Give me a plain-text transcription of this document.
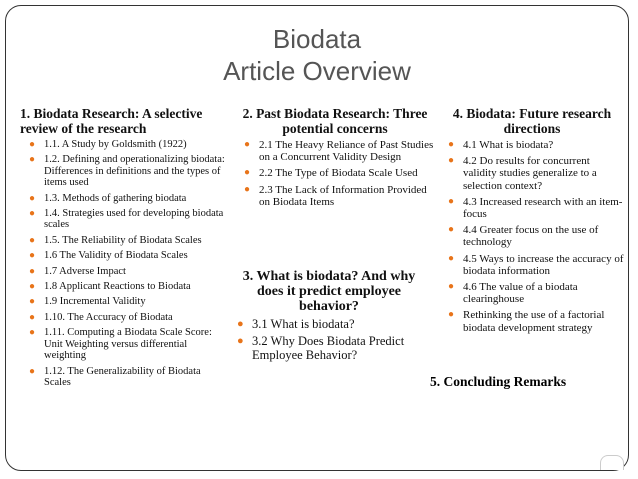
Biodata
Article Overview

1. Biodata Research: A selective review of the research

● 1.1. A Study by Goldsmith (1922)
● 1.2. Defining and operationalizing biodata: Differences in definitions and the types of items used
● 1.3. Methods of gathering biodata
● 1.4. Strategies used for developing biodata scales
● 1.5. The Reliability of Biodata Scales
● 1.6 The Validity of Biodata Scales
● 1.7 Adverse Impact
● 1.8 Applicant Reactions to Biodata
● 1.9 Incremental Validity
● 1.10. The Accuracy of Biodata
● 1.11. Computing a Biodata Scale Score: Unit Weighting versus differential weighting
● 1.12. The Generalizability of Biodata Scales

2. Past Biodata Research: Three potential concerns

● 2.1 The Heavy Reliance of Past Studies on a Concurrent Validity Design
● 2.2 The Type of Biodata Scale Used
● 2.3 The Lack of Information Provided on Biodata Items

3. What is biodata? And why does it predict employee behavior?

● 3.1 What is biodata?
● 3.2 Why Does Biodata Predict Employee Behavior?

4. Biodata: Future research directions

● 4.1 What is biodata?
● 4.2 Do results for concurrent validity studies generalize to a selection context?
● 4.3 Increased research with an item-focus
● 4.4 Greater focus on the use of technology
● 4.5 Ways to increase the accuracy of biodata information
● 4.6 The value of a biodata clearinghouse
● Rethinking the use of a factorial biodata development strategy
5. Concluding Remarks
